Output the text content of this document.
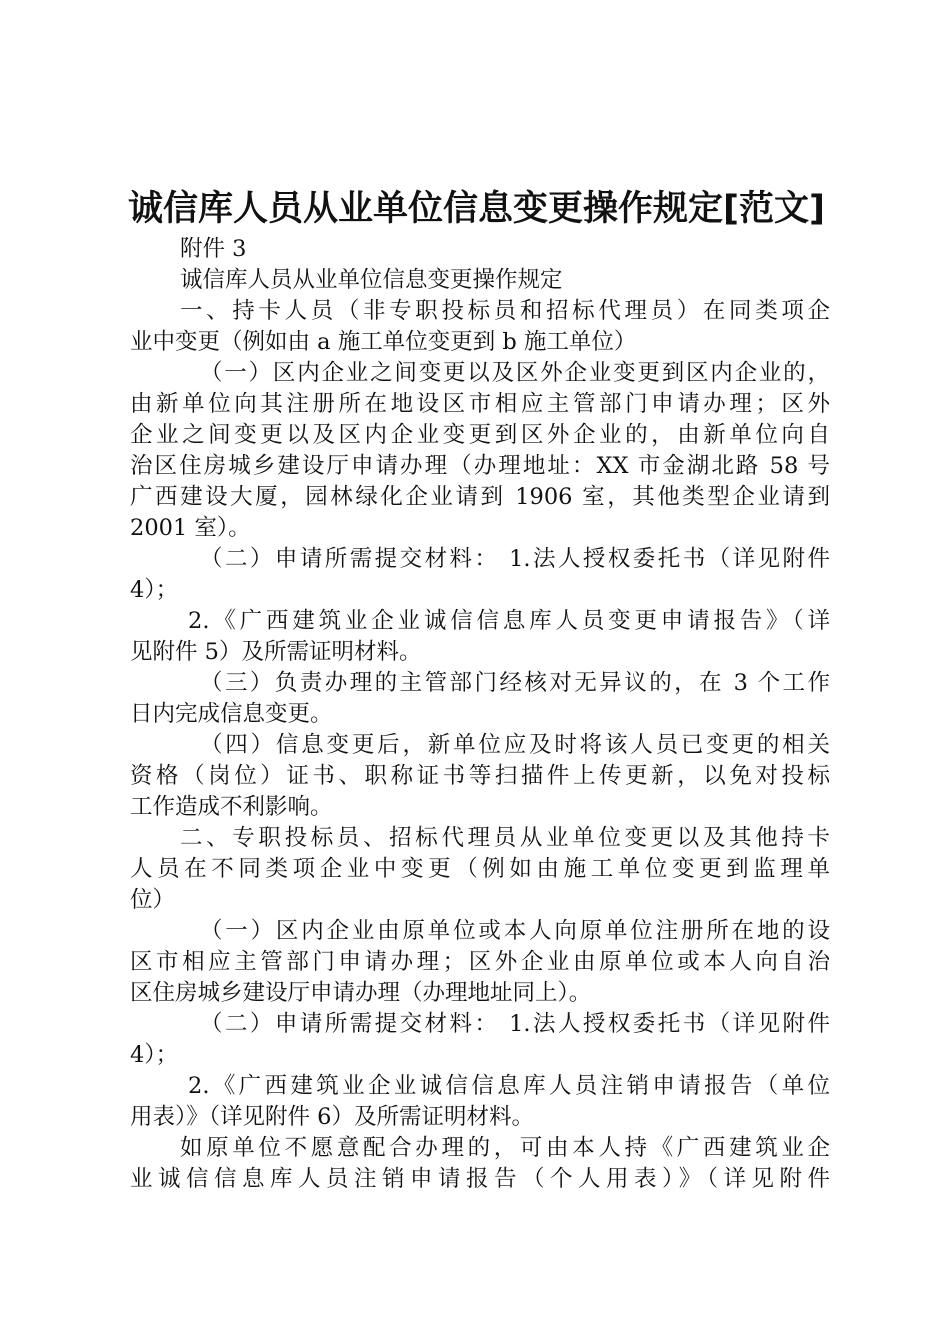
诚信库人员从业单位信息变更操作规定[范文]
附件 3
诚信库人员从业单位信息变更操作规定
一、持卡人员（非专职投标员和招标代理员）在同类项企
业中变更（例如由 a 施工单位变更到 b 施工单位）
（一）区内企业之间变更以及区外企业变更到区内企业的，
由新单位向其注册所在地设区市相应主管部门申请办理；区外
企业之间变更以及区内企业变更到区外企业的，由新单位向自
治区住房城乡建设厅申请办理（办理地址：XX 市金湖北路 58 号
广西建设大厦，园林绿化企业请到 1906 室，其他类型企业请到
2001 室）。
（二）申请所需提交材料： 1.法人授权委托书（详见附件
4）；
2.《广西建筑业企业诚信信息库人员变更申请报告》（详
见附件 5）及所需证明材料。
（三）负责办理的主管部门经核对无异议的，在 3 个工作
日内完成信息变更。
（四）信息变更后，新单位应及时将该人员已变更的相关
资格（岗位）证书、职称证书等扫描件上传更新，以免对投标
工作造成不利影响。
二、专职投标员、招标代理员从业单位变更以及其他持卡
人员在不同类项企业中变更（例如由施工单位变更到监理单
位）
（一）区内企业由原单位或本人向原单位注册所在地的设
区市相应主管部门申请办理；区外企业由原单位或本人向自治
区住房城乡建设厅申请办理（办理地址同上）。
（二）申请所需提交材料： 1.法人授权委托书（详见附件
4）；
2.《广西建筑业企业诚信信息库人员注销申请报告（单位
用表）》（详见附件 6）及所需证明材料。
如原单位不愿意配合办理的，可由本人持《广西建筑业企
业诚信信息库人员注销申请报告（个人用表）》（详见附件
